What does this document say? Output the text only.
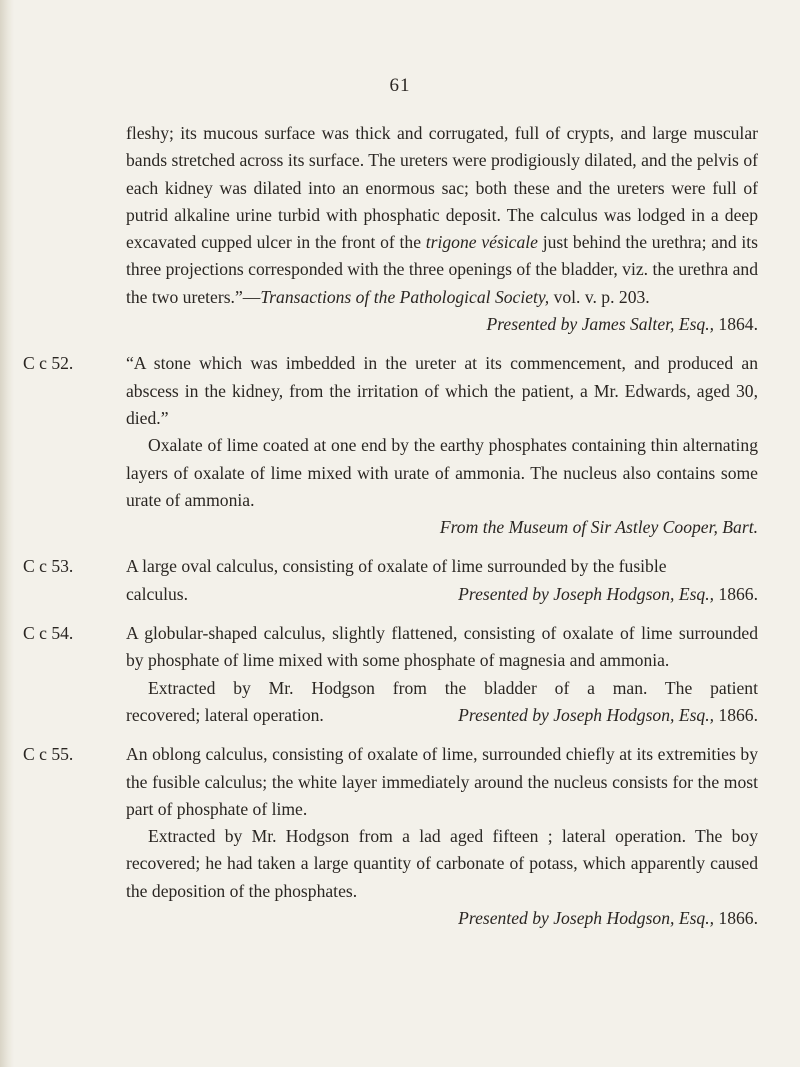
61

fleshy; its mucous surface was thick and corrugated, full of crypts, and large muscular bands stretched across its surface. The ureters were prodigiously dilated, and the pelvis of each kidney was dilated into an enormous sac; both these and the ureters were full of putrid alkaline urine turbid with phosphatic deposit. The calculus was lodged in a deep excavated cupped ulcer in the front of the trigone vésicale just behind the urethra; and its three projections corresponded with the three openings of the bladder, viz. the urethra and the two ureters.”—Transactions of the Pathological Society, vol. v. p. 203.

Presented by James Salter, Esq., 1864.

C c 52.	“A stone which was imbedded in the ureter at its commencement, and produced an abscess in the kidney, from the irritation of which the patient, a Mr. Edwards, aged 30, died.”

Oxalate of lime coated at one end by the earthy phosphates containing thin alternating layers of oxalate of lime mixed with urate of ammonia. The nucleus also contains some urate of ammonia.

From the Museum of Sir Astley Cooper, Bart.

C c 53.	A large oval calculus, consisting of oxalate of lime surrounded by the fusible

calculus.	Presented by Joseph Hodgson, Esq., 1866.

C c 54.	A globular-shaped calculus, slightly flattened, consisting of oxalate of lime surrounded by phosphate of lime mixed with some phosphate of magnesia and ammonia.

Extracted by Mr. Hodgson from the bladder of a man. The patient

recovered; lateral operation.	Presented by Joseph Hodgson, Esq., 1866.

C c 55.	An oblong calculus, consisting of oxalate of lime, surrounded chiefly at its extremities by the fusible calculus; the white layer immediately around the nucleus consists for the most part of phosphate of lime.

Extracted by Mr. Hodgson from a lad aged fifteen ; lateral operation. The boy recovered; he had taken a large quantity of carbonate of potass, which apparently caused the deposition of the phosphates.

Presented by Joseph Hodgson, Esq., 1866.
